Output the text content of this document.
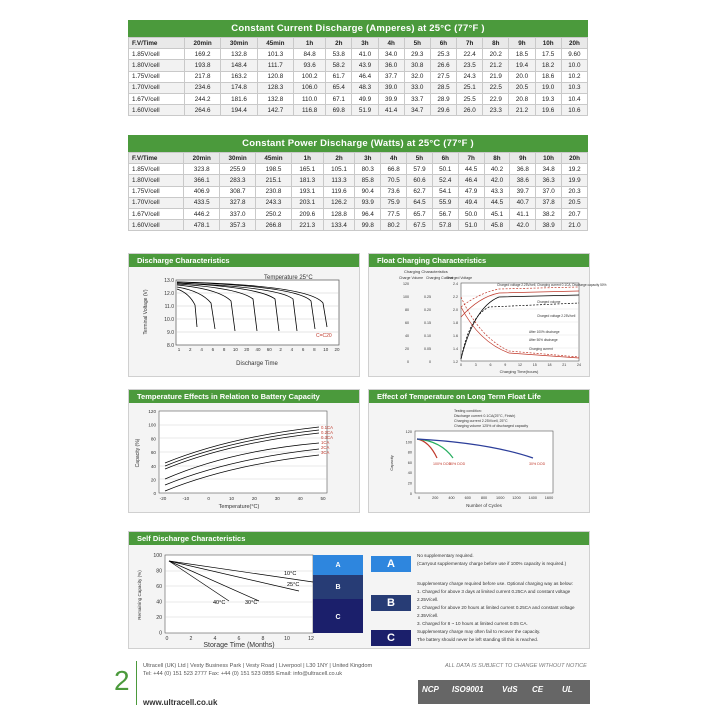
Constant Current Discharge (Amperes) at 25°C (77°F )
F.V/Time	20min	30min	45min	1h	2h	3h	4h	5h	6h	7h	8h	9h	10h	20h
1.85V/cell	169.2	132.8	101.3	84.8	53.8	41.0	34.0	29.3	25.3	22.4	20.2	18.5	17.5	9.60
1.80V/cell	193.8	148.4	111.7	93.6	58.2	43.9	36.0	30.8	26.6	23.5	21.2	19.4	18.2	10.0
1.75V/cell	217.8	163.2	120.8	100.2	61.7	46.4	37.7	32.0	27.5	24.3	21.9	20.0	18.6	10.2
1.70V/cell	234.6	174.8	128.3	106.0	65.4	48.3	39.0	33.0	28.5	25.1	22.5	20.5	19.0	10.3
1.67V/cell	244.2	181.6	132.8	110.0	67.1	49.9	39.9	33.7	28.9	25.5	22.9	20.8	19.3	10.4
1.60V/cell	264.6	194.4	142.7	116.8	69.8	51.9	41.4	34.7	29.6	26.0	23.3	21.2	19.6	10.6
Constant Power Discharge (Watts) at 25°C (77°F )
F.V/Time	20min	30min	45min	1h	2h	3h	4h	5h	6h	7h	8h	9h	10h	20h
1.85V/cell	323.8	255.9	198.5	165.1	105.1	80.3	66.8	57.9	50.1	44.5	40.2	36.8	34.8	19.2
1.80V/cell	366.1	283.3	215.1	181.3	113.3	85.8	70.5	60.6	52.4	46.4	42.0	38.6	36.3	19.9
1.75V/cell	406.9	308.7	230.8	193.1	119.6	90.4	73.6	62.7	54.1	47.9	43.3	39.7	37.0	20.3
1.70V/cell	433.5	327.8	243.3	203.1	126.2	93.9	75.9	64.5	55.9	49.4	44.5	40.7	37.8	20.5
1.67V/cell	446.2	337.0	250.2	209.6	128.8	96.4	77.5	65.7	56.7	50.0	45.1	41.1	38.2	20.7
1.60V/cell	478.1	357.3	266.8	221.3	133.4	99.8	80.2	67.5	57.8	51.0	45.8	42.0	38.9	21.0
Discharge Characteristics
13.0
12.0
11.0
10.0
9.0
8.0
1 2 4 6 8 10 20 40 60 2 4 6 8 10 20
Terminal Voltage (V)
Discharge Time
Temperature 25°C
C=C20
Float Charging Characteristics
Charging Characteristics
Charge Volume Charging Current
Charged Voltage
120
100
80
60
40
20
0
0.25
0.20
0.15
0.10
0.05
0
2.4
2.2
2.0
1.8
1.6
1.4
1.2
0	3	6	9	12	15	18	21	24
Charging Time(hours)
Charged voltage 2.25V/cell, Charging current 0.1CA, Discharge capacity 50%
Charged volume
Charged voltage 2.25V/cell
After 100% discharge
After 50% discharge
Charging current
Temperature Effects in Relation to Battery Capacity
120
100
80
60
40
20
0
-20	-10	0	10	20	30	40	50
Capacity (%)
Temperature(°C)
0.1CA
0.2CA
0.3CA
1CA
2CA
3CA
Effect of Temperature on Long Term Float Life
Testing condition:
Discharge current 0.1CA(25°C, Finish)
Charging current 2.25V/cell, 25°C
Charging volume 125% of discharged capacity
120
100
80
60
40
20
0
0	200	400	600	800 1000 1200 1400 1600
Capacity
Number of Cycles
100% DOD
50% DOD	30% DOD
Self Discharge Characteristics
100
80
60
40
20
0
0	2	4	6	8	10	12
Remaining Capacity (%)
Storage Time (Months)
10°C
25°C
40°C	30°C
A
B
C
A
B
C
No supplementary required.
(Carryout supplementary charge before use if 100% capacity is required.)
Supplementary charge required before use. Optional charging way as below:
1. Charged for above 3 days at limited current 0.25CA and constant voltage 2.25V/cell.
2. Charged for above 20 hours at limited current 0.25CA and constant voltage 2.35V/cell.
3. Charged for 8 ~ 10 hours at limited current 0.05 CA.
Supplementary charge may often fail to recover the capacity.
The battery should never be left standing till this is reached.
2 Ultracell (UK) Ltd | Vesty Business Park | Vesty Road | Liverpool | L30 1NY | United Kingdom
Tel: +44 (0) 151 523 2777 Fax: +44 (0) 151 523 0855 Email: info@ultracell.co.uk
www.ultracell.co.uk
ALL DATA IS SUBJECT TO CHANGE WITHOUT NOTICE
NCP ISO9001 VdS CE UL
